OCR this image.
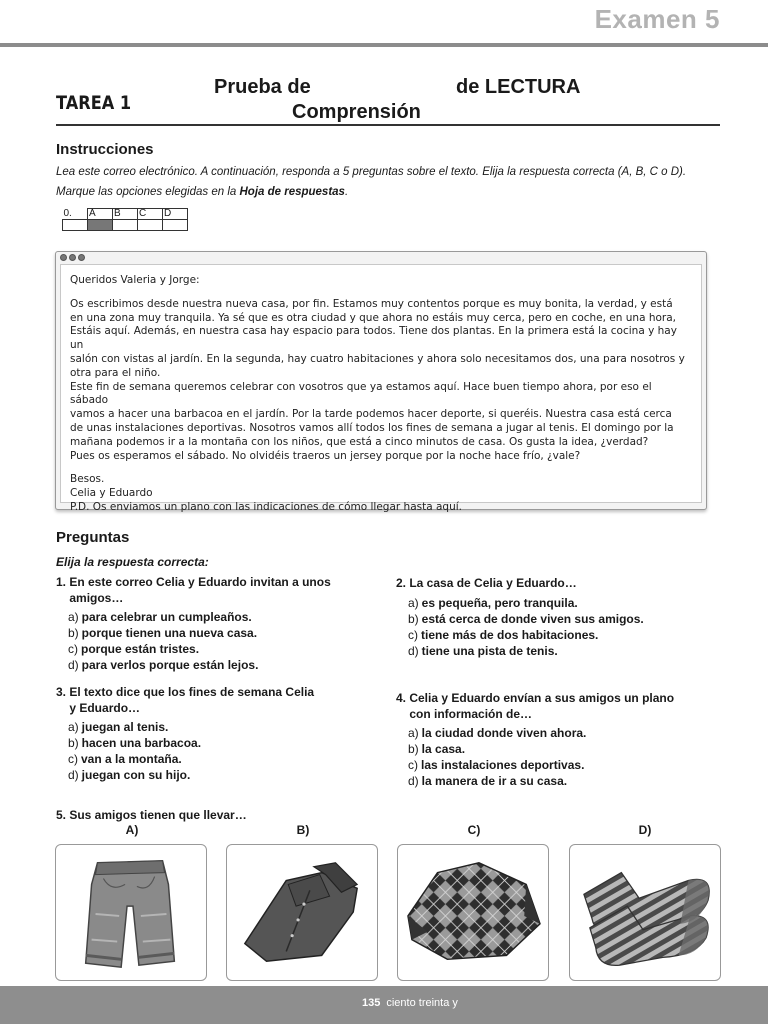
Examen 5
TAREA 1
Prueba de
Comprensión
de LECTURA
Instrucciones
Lea este correo electrónico. A continuación, responda a 5 preguntas sobre el texto. Elija la respuesta correcta (A, B, C o D).
Marque las opciones elegidas en la Hoja de respuestas.
0.	A	B	C	D

Queridos Valeria y Jorge:

Os escribimos desde nuestra nueva casa, por fin. Estamos muy contentos porque es muy bonita, la verdad, y está
en una zona muy tranquila. Ya sé que es otra ciudad y que ahora no estáis muy cerca, pero en coche, en una hora,
Estáis aquí. Además, en nuestra casa hay espacio para todos. Tiene dos plantas. En la primera está la cocina y hay un
salón con vistas al jardín. En la segunda, hay cuatro habitaciones y ahora solo necesitamos dos, una para nosotros y
otra para el niño.

Este fin de semana queremos celebrar con vosotros que ya estamos aquí. Hace buen tiempo ahora, por eso el sábado
vamos a hacer una barbacoa en el jardín. Por la tarde podemos hacer deporte, si queréis. Nuestra casa está cerca
de unas instalaciones deportivas. Nosotros vamos allí todos los fines de semana a jugar al tenis. El domingo por la
mañana podemos ir a la montaña con los niños, que está a cinco minutos de casa. Os gusta la idea, ¿verdad?
Pues os esperamos el sábado. No olvidéis traeros un jersey porque por la noche hace frío, ¿vale?

Besos.

Celia y Eduardo

P.D. Os enviamos un plano con las indicaciones de cómo llegar hasta aquí.

Preguntas
Elija la respuesta correcta:
1. En este correo Celia y Eduardo invitan a unos
amigos…
a) para celebrar un cumpleaños.
b) porque tienen una nueva casa.
c) porque están tristes.
d) para verlos porque están lejos.
2. La casa de Celia y Eduardo…
a) es pequeña, pero tranquila.
b) está cerca de donde viven sus amigos.
c) tiene más de dos habitaciones.
d) tiene una pista de tenis.
3. El texto dice que los fines de semana Celia
y Eduardo…
a) juegan al tenis.
b) hacen una barbacoa.
c) van a la montaña.
d) juegan con su hijo.
4. Celia y Eduardo envían a sus amigos un plano
con información de…
a) la ciudad donde viven ahora.
b) la casa.
c) las instalaciones deportivas.
d) la manera de ir a su casa.
5. Sus amigos tienen que llevar…
A)	B)	C)	D)
135 ciento treinta y
